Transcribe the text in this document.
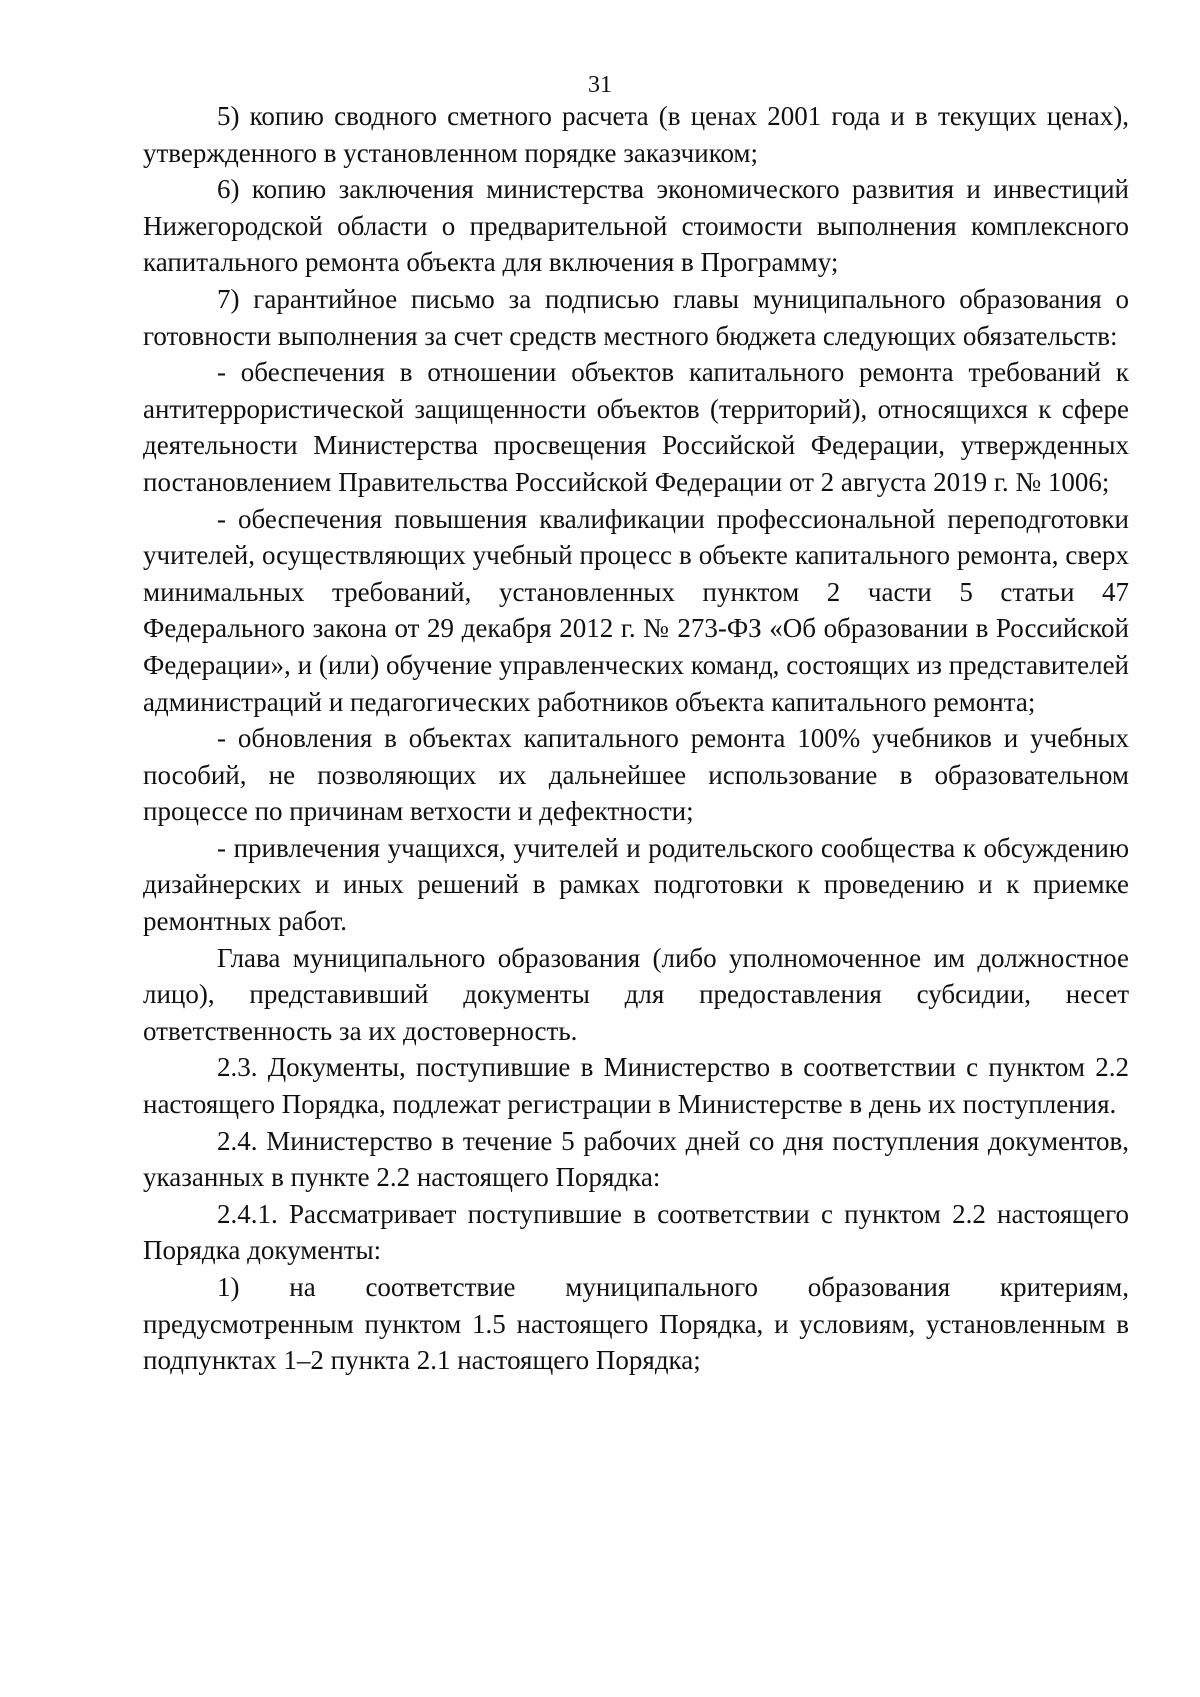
31

5) копию сводного сметного расчета (в ценах 2001 года и в текущих ценах), утвержденного в установленном порядке заказчиком;

6) копию заключения министерства экономического развития и инвестиций Нижегородской области о предварительной стоимости выполнения комплексного капитального ремонта объекта для включения в Программу;

7) гарантийное письмо за подписью главы муниципального образования о готовности выполнения за счет средств местного бюджета следующих обязательств:

- обеспечения в отношении объектов капитального ремонта требований к антитеррористической защищенности объектов (территорий), относящихся к сфере деятельности Министерства просвещения Российской Федерации, утвержденных постановлением Правительства Российской Федерации от 2 августа 2019 г. № 1006;

- обеспечения повышения квалификации профессиональной переподготовки учителей, осуществляющих учебный процесс в объекте капитального ремонта, сверх минимальных требований, установленных пунктом 2 части 5 статьи 47 Федерального закона от 29 декабря 2012 г. № 273-ФЗ «Об образовании в Российской Федерации», и (или) обучение управленческих команд, состоящих из представителей администраций и педагогических работников объекта капитального ремонта;

- обновления в объектах капитального ремонта 100% учебников и учебных пособий, не позволяющих их дальнейшее использование в образовательном процессе по причинам ветхости и дефектности;

- привлечения учащихся, учителей и родительского сообщества к обсуждению дизайнерских и иных решений в рамках подготовки к проведению и к приемке ремонтных работ.

Глава муниципального образования (либо уполномоченное им должностное лицо), представивший документы для предоставления субсидии, несет ответственность за их достоверность.

2.3. Документы, поступившие в Министерство в соответствии с пунктом 2.2 настоящего Порядка, подлежат регистрации в Министерстве в день их поступления.

2.4. Министерство в течение 5 рабочих дней со дня поступления документов, указанных в пункте 2.2 настоящего Порядка:

2.4.1. Рассматривает поступившие в соответствии с пунктом 2.2 настоящего Порядка документы:

1) на соответствие муниципального образования критериям, предусмотренным пунктом 1.5 настоящего Порядка, и условиям, установленным в подпунктах 1–2 пункта 2.1 настоящего Порядка;
